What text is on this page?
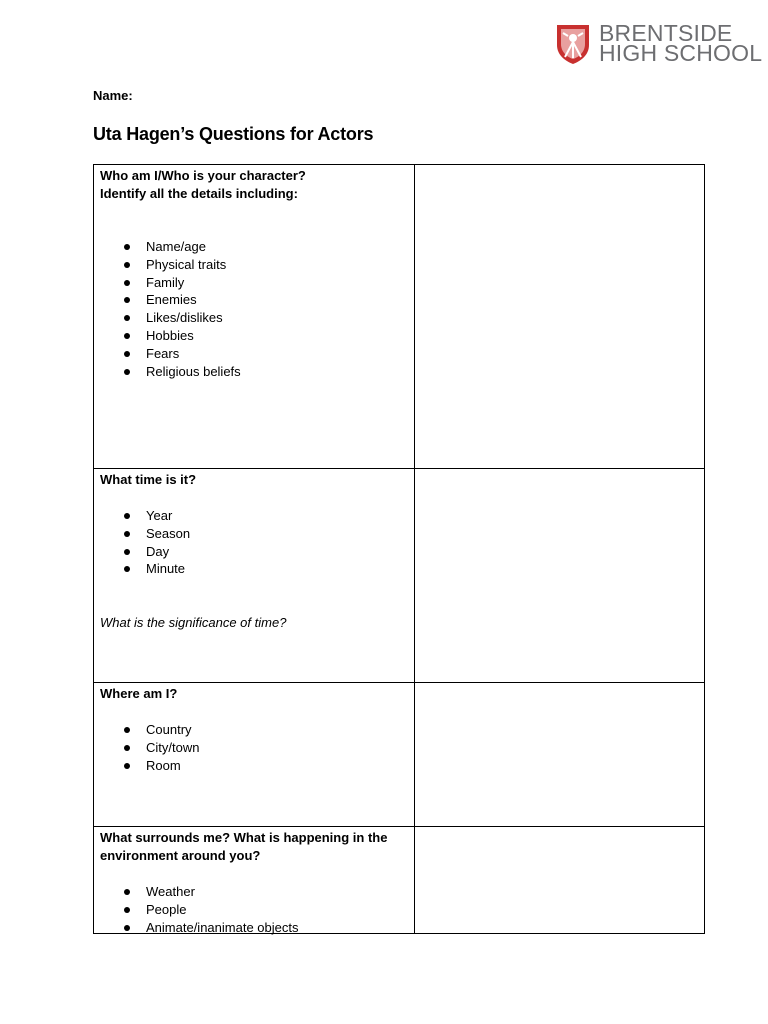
BRENTSIDE
HIGH SCHOOL
Name:
Uta Hagen’s Questions for Actors
Who am I/Who is your character?
Identify all the details including:
Name/age
Physical traits
Family
Enemies
Likes/dislikes
Hobbies
Fears
Religious beliefs
What time is it?
Year
Season
Day
Minute
What is the significance of time?
Where am I?
Country
City/town
Room
What surrounds me? What is happening in the
environment around you?
Weather
People
Animate/inanimate objects
